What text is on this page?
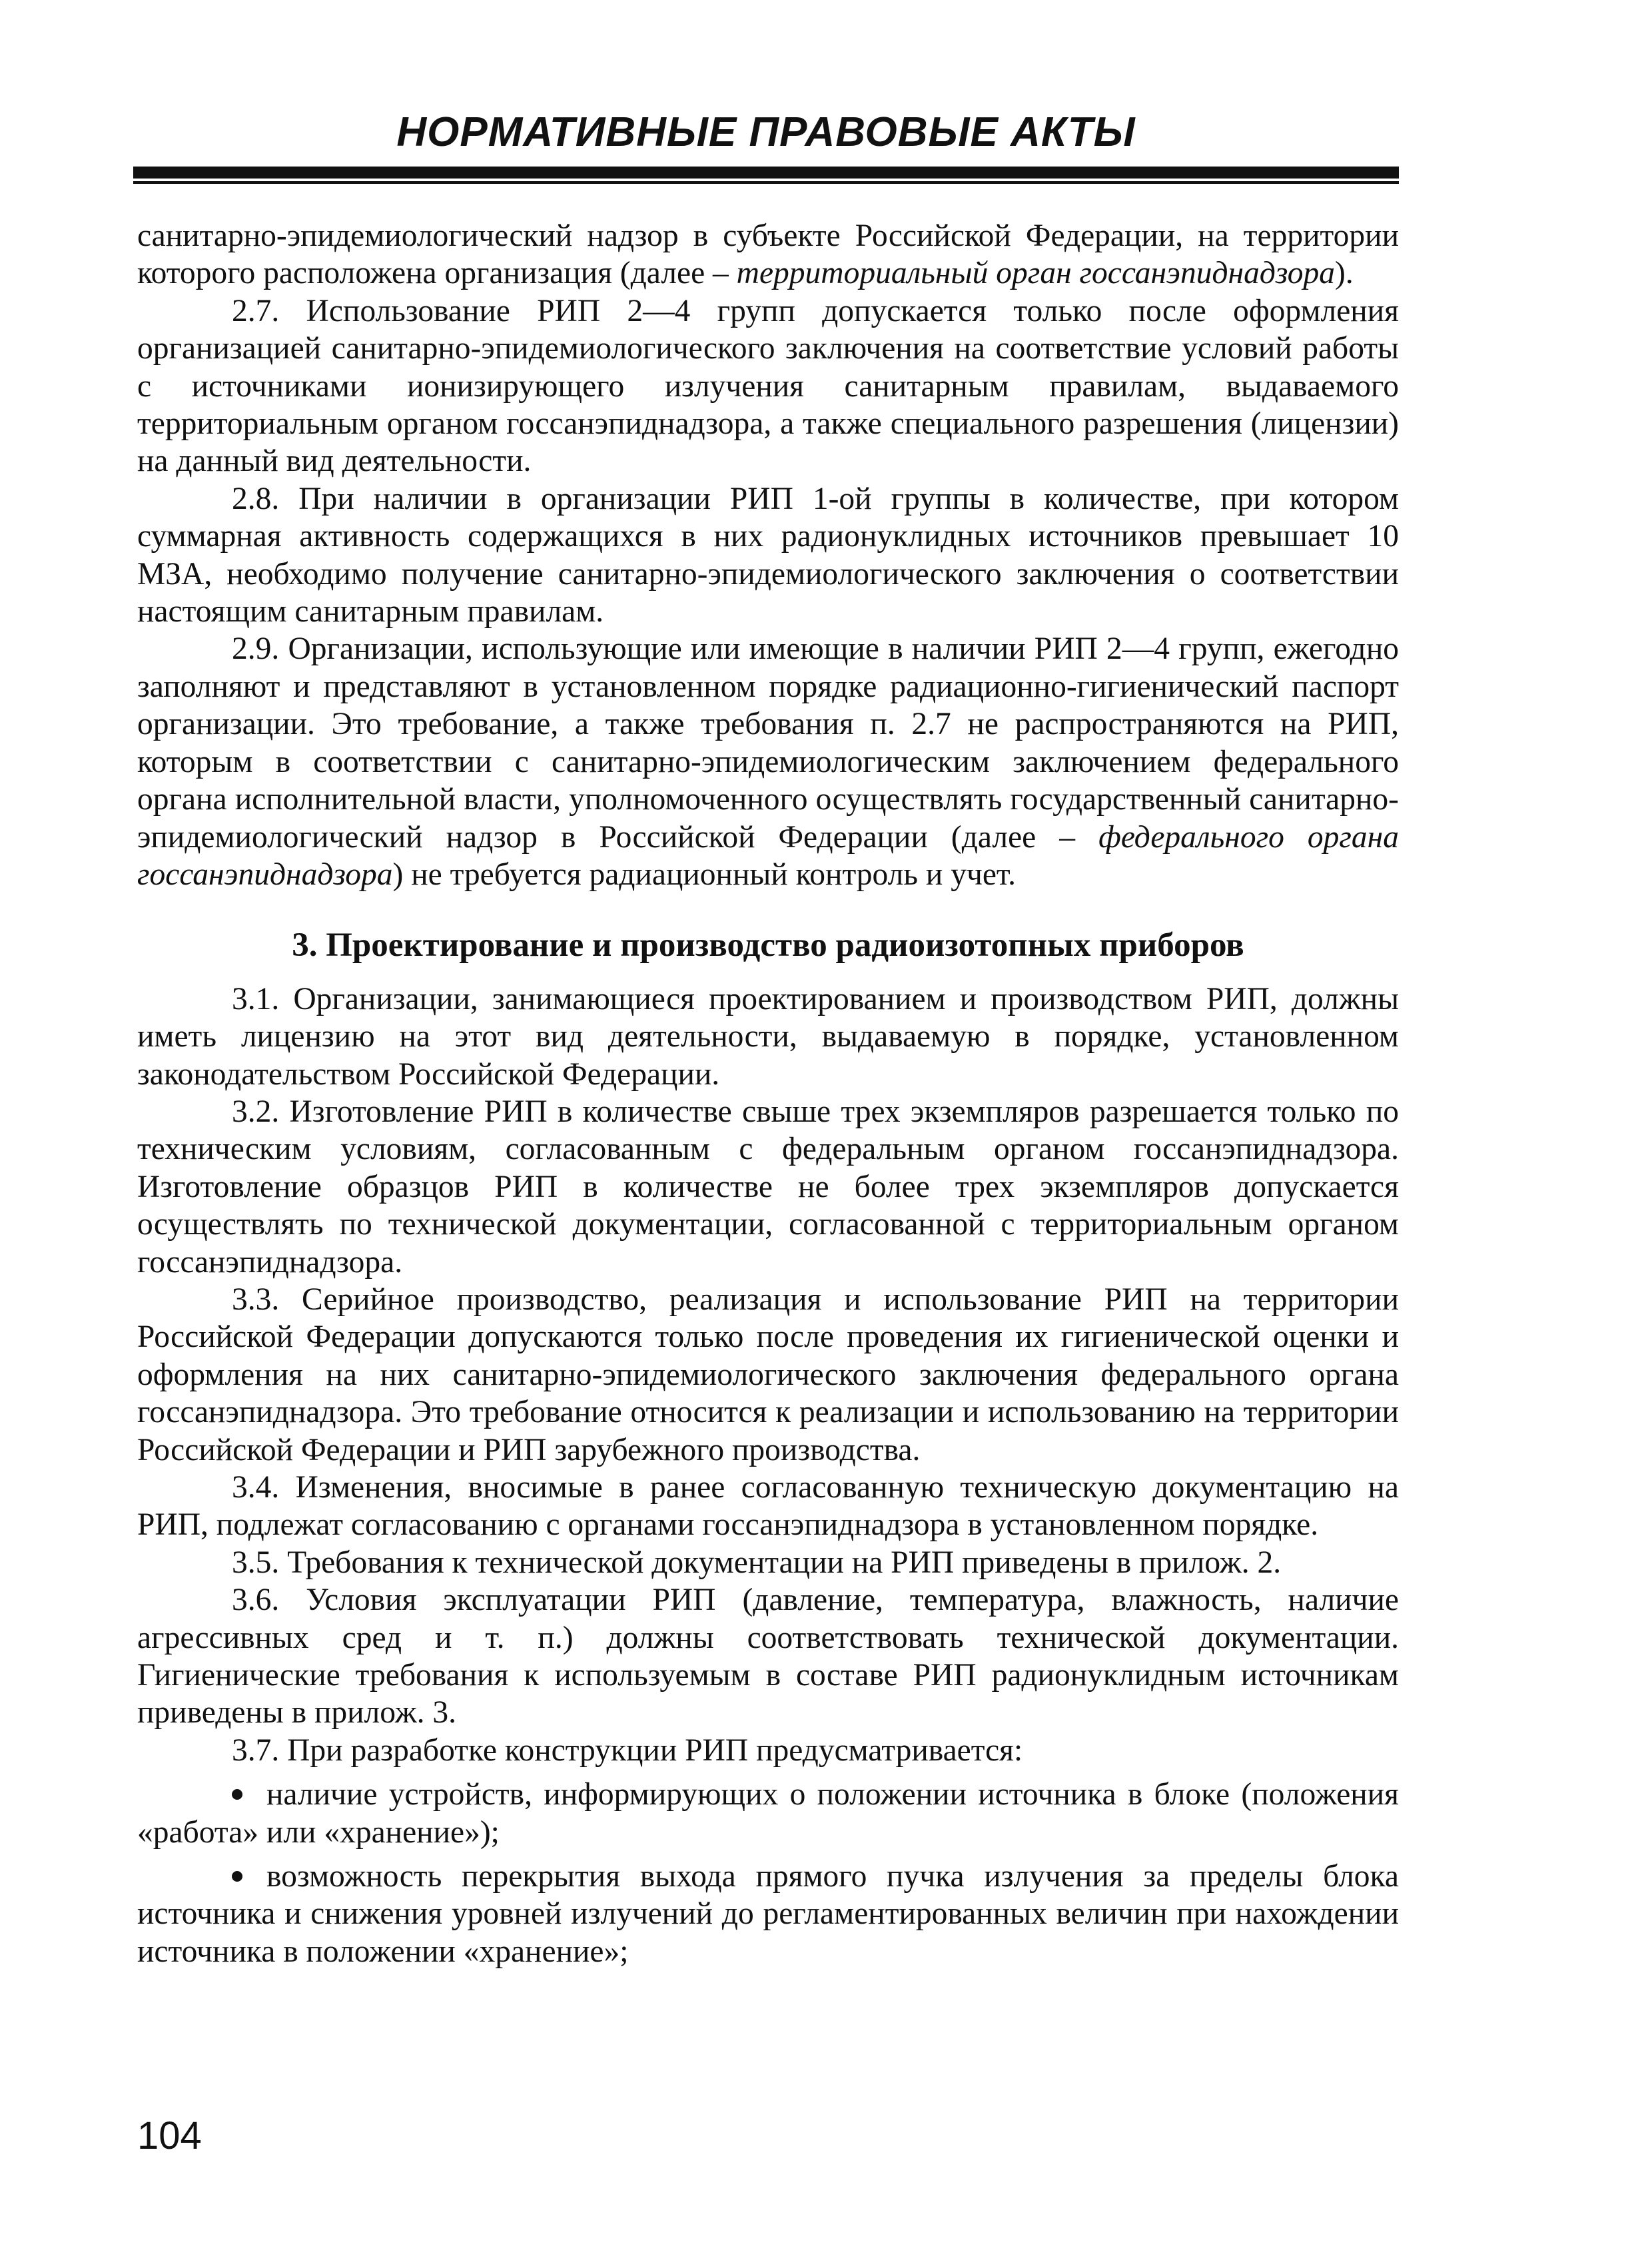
НОРМАТИВНЫЕ ПРАВОВЫЕ АКТЫ

санитарно-эпидемиологический надзор в субъекте Российской Федерации, на территории которого расположена организация (далее – территориальный орган госсанэпиднадзора).

2.7. Использование РИП 2—4 групп допускается только после оформления организацией санитарно-эпидемиологического заключения на соответствие условий работы с источниками ионизирующего излучения санитарным правилам, выдаваемого территориальным органом госсанэпиднадзора, а также специального разрешения (лицензии) на данный вид деятельности.

2.8. При наличии в организации РИП 1-ой группы в количестве, при котором суммарная активность содержащихся в них радионуклидных источников превышает 10 МЗА, необходимо получение санитарно-эпидемиологического заключения о соответствии настоящим санитарным правилам.

2.9. Организации, использующие или имеющие в наличии РИП 2—4 групп, ежегодно заполняют и представляют в установленном порядке радиационно-гигиенический паспорт организации. Это требование, а также требования п. 2.7 не распространяются на РИП, которым в соответствии с санитарно-эпидемиологическим заключением федерального органа исполнительной власти, уполномоченного осуществлять государственный санитарно-эпидемиологический надзор в Российской Федерации (далее – федерального органа госсанэпиднадзора) не требуется радиационный контроль и учет.

3. Проектирование и производство радиоизотопных приборов

3.1. Организации, занимающиеся проектированием и производством РИП, должны иметь лицензию на этот вид деятельности, выдаваемую в порядке, установленном законодательством Российской Федерации.

3.2. Изготовление РИП в количестве свыше трех экземпляров разрешается только по техническим условиям, согласованным с федеральным органом госсанэпиднадзора. Изготовление образцов РИП в количестве не более трех экземпляров допускается осуществлять по технической документации, согласованной с территориальным органом госсанэпиднадзора.

3.3. Серийное производство, реализация и использование РИП на территории Российской Федерации допускаются только после проведения их гигиенической оценки и оформления на них санитарно-эпидемиологического заключения федерального органа госсанэпиднадзора. Это требование относится к реализации и использованию на территории Российской Федерации и РИП зарубежного производства.

3.4. Изменения, вносимые в ранее согласованную техническую документацию на РИП, подлежат согласованию с органами госсанэпиднадзора в установленном порядке.

3.5. Требования к технической документации на РИП приведены в прилож. 2.

3.6. Условия эксплуатации РИП (давление, температура, влажность, наличие агрессивных сред и т. п.) должны соответствовать технической документации. Гигиенические требования к используемым в составе РИП радионуклидным источникам приведены в прилож. 3.

3.7. При разработке конструкции РИП предусматривается:

наличие устройств, информирующих о положении источника в блоке (положения «работа» или «хранение»);

возможность перекрытия выхода прямого пучка излучения за пределы блока источника и снижения уровней излучений до регламентированных величин при нахождении источника в положении «хранение»;

104
